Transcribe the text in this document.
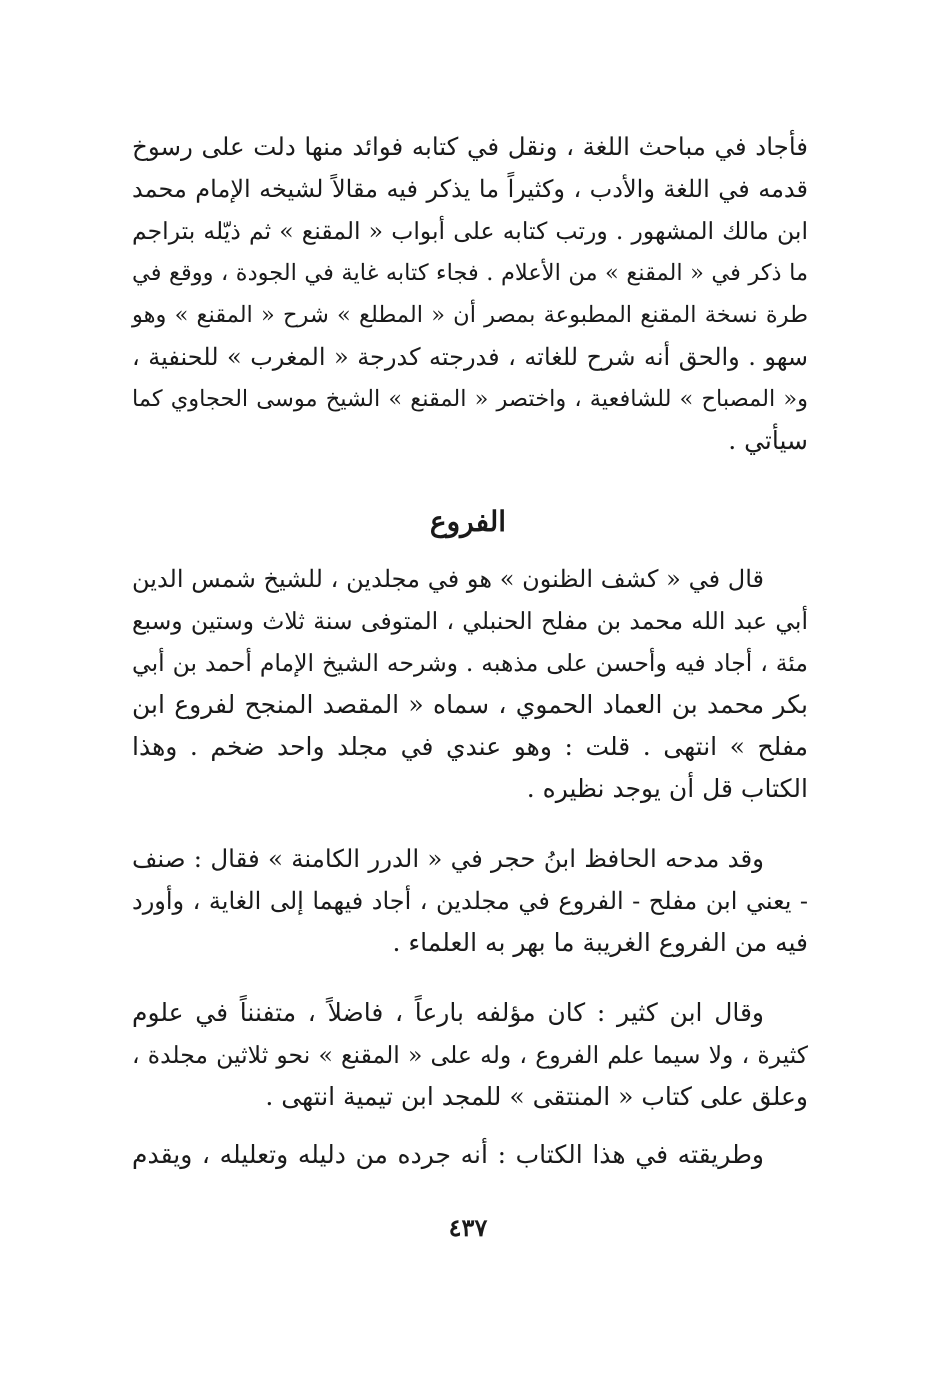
فأجاد في مباحث اللغة ، ونقل في كتابه فوائد منها دلت على رسوخ
قدمه في اللغة والأدب ، وكثيراً ما يذكر فيه مقالاً لشيخه الإمام محمد
ابن مالك المشهور . ورتب كتابه على أبواب « المقنع » ثم ذيّله بتراجم
ما ذكر في « المقنع » من الأعلام . فجاء كتابه غاية في الجودة ، ووقع في
طرة نسخة المقنع المطبوعة بمصر أن « المطلع » شرح « المقنع » وهو
سهو . والحق أنه شرح للغاته ، فدرجته كدرجة « المغرب » للحنفية ،
و« المصباح » للشافعية ، واختصر « المقنع » الشيخ موسى الحجاوي كما
سيأتي .
الفروع
قال في « كشف الظنون » هو في مجلدين ، للشيخ شمس الدين
أبي عبد الله محمد بن مفلح الحنبلي ، المتوفى سنة ثلاث وستين وسبع
مئة ، أجاد فيه وأحسن على مذهبه . وشرحه الشيخ الإمام أحمد بن أبي
بكر محمد بن العماد الحموي ، سماه « المقصد المنجح لفروع ابن
مفلح » انتهى . قلت : وهو عندي في مجلد واحد ضخم . وهذا
الكتاب قل أن يوجد نظيره .
وقد مدحه الحافظ ابنُ حجر في « الدرر الكامنة » فقال : صنف
- يعني ابن مفلح - الفروع في مجلدين ، أجاد فيهما إلى الغاية ، وأورد
فيه من الفروع الغريبة ما بهر به العلماء .
وقال ابن كثير : كان مؤلفه بارعاً ، فاضلاً ، متفنناً في علوم
كثيرة ، ولا سيما علم الفروع ، وله على « المقنع » نحو ثلاثين مجلدة ،
وعلق على كتاب « المنتقى » للمجد ابن تيمية انتهى .
وطريقته في هذا الكتاب : أنه جرده من دليله وتعليله ، ويقدم
٤٣٧
